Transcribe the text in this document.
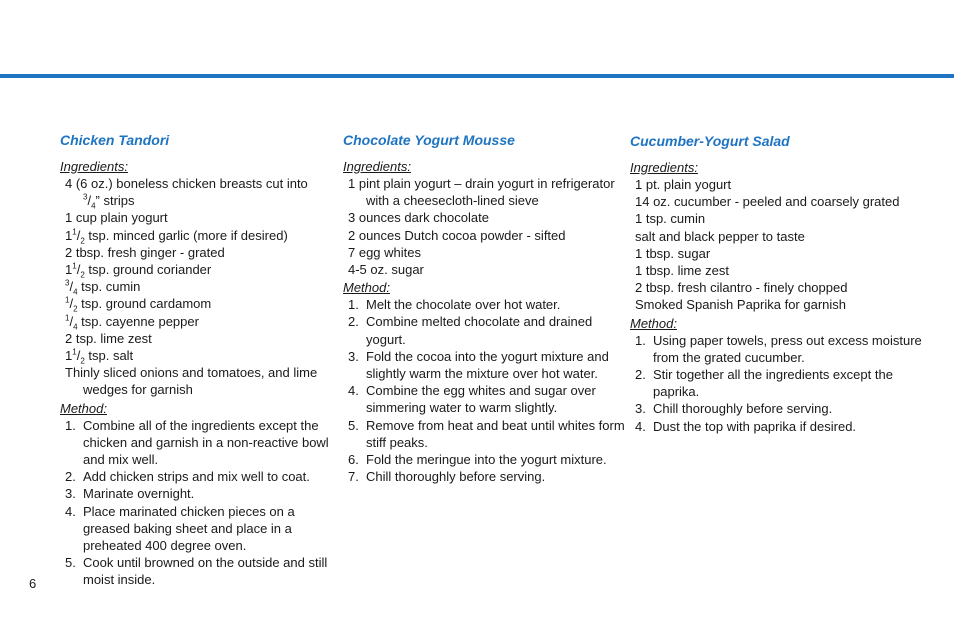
Chicken Tandori
Ingredients:
4 (6 oz.) boneless chicken breasts cut into
$^3/_4$” strips
1 cup plain yogurt
$1^1/_2$ tsp. minced garlic (more if desired)
2 tbsp. fresh ginger - grated
$1^1/_2$ tsp. ground coriander
$^3/_4$ tsp. cumin
$^1/_2$ tsp. ground cardamom
$^1/_4$ tsp. cayenne pepper
2 tsp. lime zest
$1^1/_2$ tsp. salt
Thinly sliced onions and tomatoes, and lime wedges for garnish
Method:
1. Combine all of the ingredients except the chicken and garnish in a non-reactive bowl and mix well.
2. Add chicken strips and mix well to coat.
3. Marinate overnight.
4. Place marinated chicken pieces on a greased baking sheet and place in a preheated 400 degree oven.
5. Cook until browned on the outside and still moist inside.
Chocolate Yogurt Mousse
Ingredients:
1 pint plain yogurt – drain yogurt in refrigerator with a cheesecloth-lined sieve
3 ounces dark chocolate
2 ounces Dutch cocoa powder - sifted
7 egg whites
4-5 oz. sugar
Method:
1. Melt the chocolate over hot water.
2. Combine melted chocolate and drained yogurt.
3. Fold the cocoa into the yogurt mixture and slightly warm the mixture over hot water.
4. Combine the egg whites and sugar over simmering water to warm slightly.
5. Remove from heat and beat until whites form stiff peaks.
6. Fold the meringue into the yogurt mixture.
7. Chill thoroughly before serving.
Cucumber-Yogurt Salad
Ingredients:
1 pt. plain yogurt
14 oz. cucumber - peeled and coarsely grated
1 tsp. cumin
salt and black pepper to taste
1 tbsp. sugar
1 tbsp. lime zest
2 tbsp. fresh cilantro - finely chopped
Smoked Spanish Paprika for garnish
Method:
1. Using paper towels, press out excess moisture from the grated cucumber.
2. Stir together all the ingredients except the paprika.
3. Chill thoroughly before serving.
4. Dust the top with paprika if desired.
6
